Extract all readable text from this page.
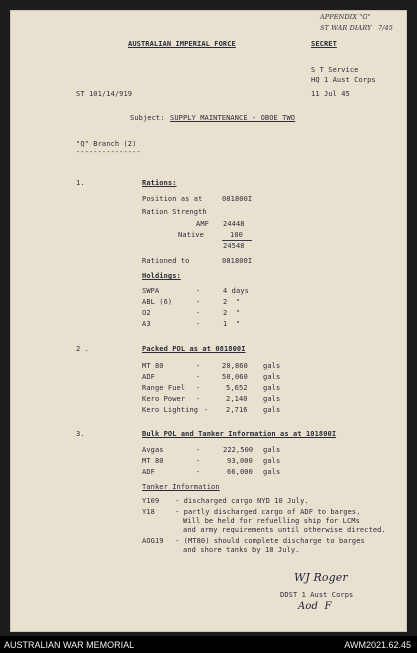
APPENDIX "G"
ST WAR DIARY   7/45
AUSTRALIAN IMPERIAL FORCE	SECRET
S T Service
HQ 1 Aust Corps
ST 101/14/919	11 Jul 45
Subject: SUPPLY MAINTENANCE - OBOE TWO
"Q" Branch (2)
---------------
1.	Rations:
Position as at	081800I
Ration Strength
AMF 24448
Native	100
24548
Rationed to	081800I
Holdings:
SWPA	-	4 days
ABL (6)	-	2  "
O2	-	2  "
A3	-	1  "
2 .	Packed POL as at 081800I
MT 80	-	20,860 gals
ADF	-	50,060 gals
Range Fuel -	5,652 gals
Kero Power -	2,140 gals
Kero Lighting -	2,716 gals
3.	Bulk POL and Tanker Information as at 101800I
Avgas	-	222,500 gals
MT 80	-	93,000 gals
ADF	-	66,000 gals
Tanker Information
Y109 - discharged cargo NYD 10 July.
Y18	- partly discharged cargo of ADF to barges.
Will be held for refuelling ship for LCMs
and army requirements until otherwise directed.
AOG19 - (MT80) should complete discharge to barges
and shore tanks by 18 July.
WJ Roger
DDST 1 Aust Corps
Aod  F
AUSTRALIAN WAR MEMORIAL	AWM2021.62.45
